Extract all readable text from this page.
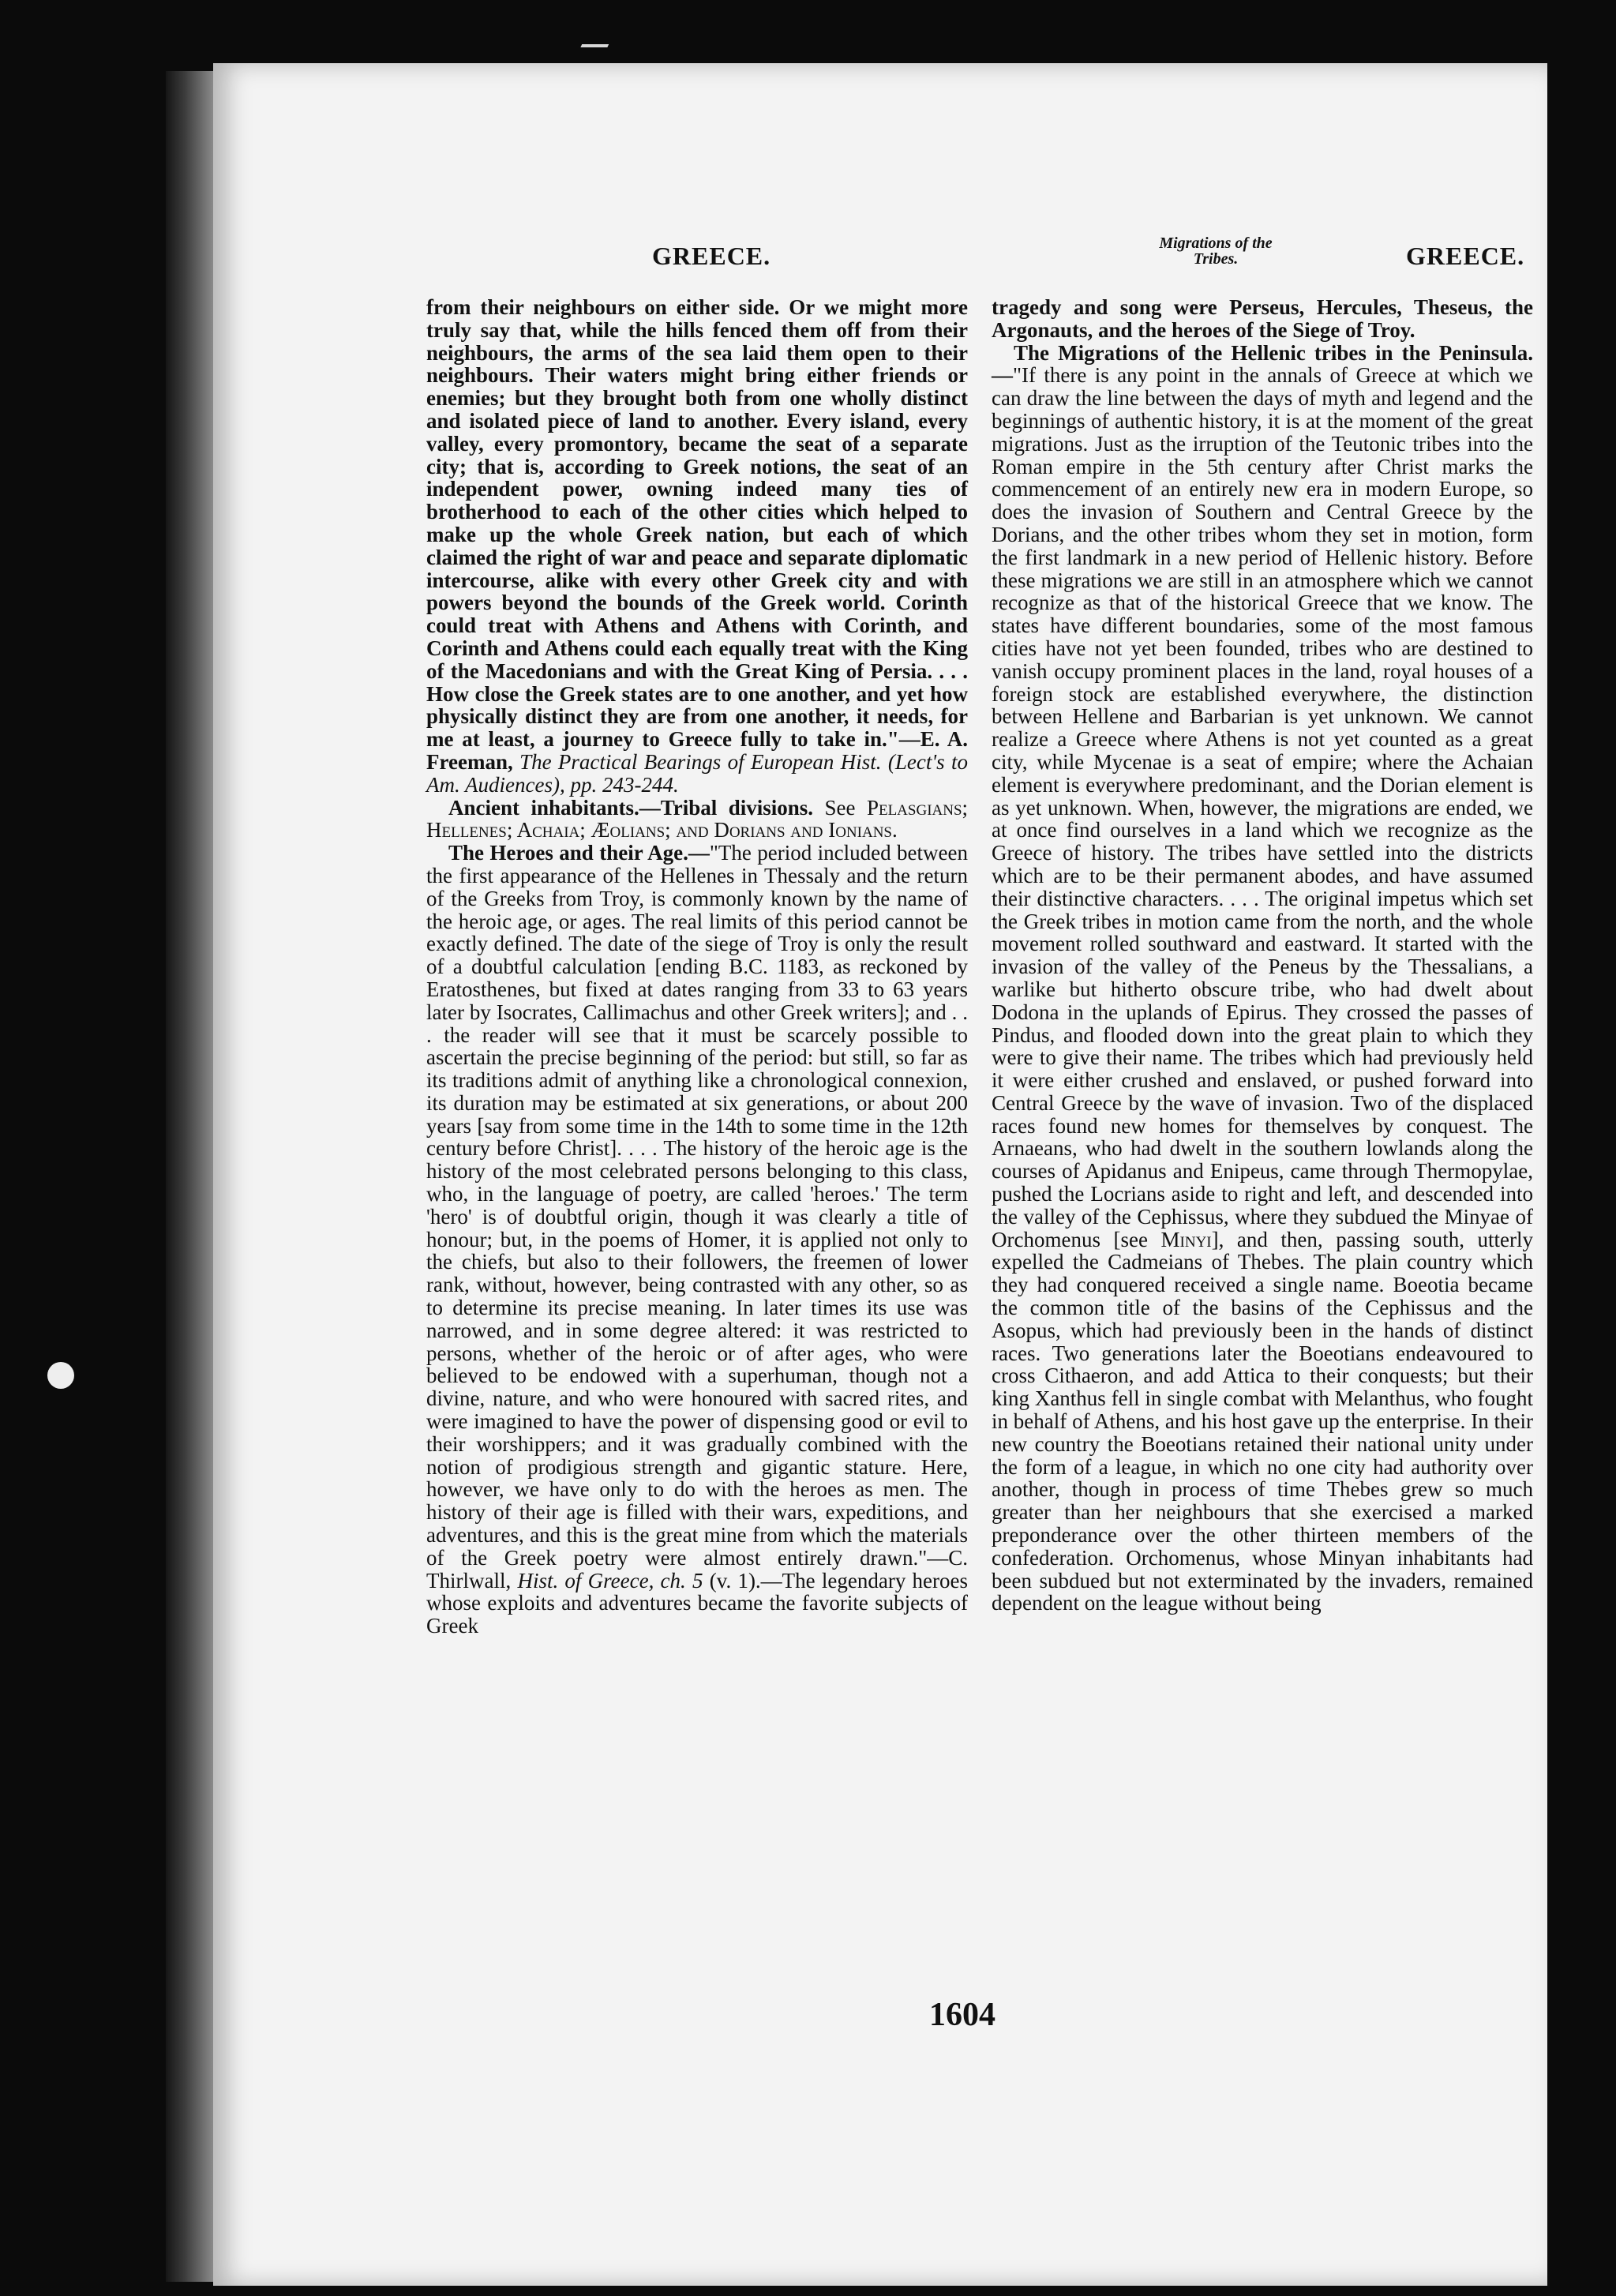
GREECE.	Migrations of the
Tribes.	GREECE.

from their neighbours on either side. Or we might more truly say that, while the hills fenced them off from their neighbours, the arms of the sea laid them open to their neighbours. Their waters might bring either friends or enemies; but they brought both from one wholly distinct and isolated piece of land to another. Every island, every valley, every promontory, became the seat of a separate city; that is, according to Greek notions, the seat of an independent power, owning indeed many ties of brotherhood to each of the other cities which helped to make up the whole Greek nation, but each of which claimed the right of war and peace and separate diplomatic intercourse, alike with every other Greek city and with powers beyond the bounds of the Greek world. Corinth could treat with Athens and Athens with Corinth, and Corinth and Athens could each equally treat with the King of the Macedonians and with the Great King of Persia. . . . How close the Greek states are to one another, and yet how physically distinct they are from one another, it needs, for me at least, a journey to Greece fully to take in."—E. A. Freeman, The Practical Bearings of European Hist. (Lect's to Am. Audiences), pp. 243-244.

Ancient inhabitants.—Tribal divisions. See Pelasgians; Hellenes; Achaia; Æolians; and Dorians and Ionians.

The Heroes and their Age.—"The period included between the first appearance of the Hellenes in Thessaly and the return of the Greeks from Troy, is commonly known by the name of the heroic age, or ages. The real limits of this period cannot be exactly defined. The date of the siege of Troy is only the result of a doubtful calculation [ending B.C. 1183, as reckoned by Eratosthenes, but fixed at dates ranging from 33 to 63 years later by Isocrates, Callimachus and other Greek writers]; and . . . the reader will see that it must be scarcely possible to ascertain the precise beginning of the period: but still, so far as its traditions admit of anything like a chronological connexion, its duration may be estimated at six generations, or about 200 years [say from some time in the 14th to some time in the 12th century before Christ]. . . . The history of the heroic age is the history of the most celebrated persons belonging to this class, who, in the language of poetry, are called 'heroes.' The term 'hero' is of doubtful origin, though it was clearly a title of honour; but, in the poems of Homer, it is applied not only to the chiefs, but also to their followers, the freemen of lower rank, without, however, being contrasted with any other, so as to determine its precise meaning. In later times its use was narrowed, and in some degree altered: it was restricted to persons, whether of the heroic or of after ages, who were believed to be endowed with a superhuman, though not a divine, nature, and who were honoured with sacred rites, and were imagined to have the power of dispensing good or evil to their worshippers; and it was gradually combined with the notion of prodigious strength and gigantic stature. Here, however, we have only to do with the heroes as men. The history of their age is filled with their wars, expeditions, and adventures, and this is the great mine from which the materials of the Greek poetry were almost entirely drawn."—C. Thirlwall, Hist. of Greece, ch. 5 (v. 1).—The legendary heroes whose exploits and adventures became the favorite subjects of Greek

tragedy and song were Perseus, Hercules, Theseus, the Argonauts, and the heroes of the Siege of Troy.

The Migrations of the Hellenic tribes in the Peninsula.—"If there is any point in the annals of Greece at which we can draw the line between the days of myth and legend and the beginnings of authentic history, it is at the moment of the great migrations. Just as the irruption of the Teutonic tribes into the Roman empire in the 5th century after Christ marks the commencement of an entirely new era in modern Europe, so does the invasion of Southern and Central Greece by the Dorians, and the other tribes whom they set in motion, form the first landmark in a new period of Hellenic history. Before these migrations we are still in an atmosphere which we cannot recognize as that of the historical Greece that we know. The states have different boundaries, some of the most famous cities have not yet been founded, tribes who are destined to vanish occupy prominent places in the land, royal houses of a foreign stock are established everywhere, the distinction between Hellene and Barbarian is yet unknown. We cannot realize a Greece where Athens is not yet counted as a great city, while Mycenae is a seat of empire; where the Achaian element is everywhere predominant, and the Dorian element is as yet unknown. When, however, the migrations are ended, we at once find ourselves in a land which we recognize as the Greece of history. The tribes have settled into the districts which are to be their permanent abodes, and have assumed their distinctive characters. . . . The original impetus which set the Greek tribes in motion came from the north, and the whole movement rolled southward and eastward. It started with the invasion of the valley of the Peneus by the Thessalians, a warlike but hitherto obscure tribe, who had dwelt about Dodona in the uplands of Epirus. They crossed the passes of Pindus, and flooded down into the great plain to which they were to give their name. The tribes which had previously held it were either crushed and enslaved, or pushed forward into Central Greece by the wave of invasion. Two of the displaced races found new homes for themselves by conquest. The Arnaeans, who had dwelt in the southern lowlands along the courses of Apidanus and Enipeus, came through Thermopylae, pushed the Locrians aside to right and left, and descended into the valley of the Cephissus, where they subdued the Minyae of Orchomenus [see Minyi], and then, passing south, utterly expelled the Cadmeians of Thebes. The plain country which they had conquered received a single name. Boeotia became the common title of the basins of the Cephissus and the Asopus, which had previously been in the hands of distinct races. Two generations later the Boeotians endeavoured to cross Cithaeron, and add Attica to their conquests; but their king Xanthus fell in single combat with Melanthus, who fought in behalf of Athens, and his host gave up the enterprise. In their new country the Boeotians retained their national unity under the form of a league, in which no one city had authority over another, though in process of time Thebes grew so much greater than her neighbours that she exercised a marked preponderance over the other thirteen members of the confederation. Orchomenus, whose Minyan inhabitants had been subdued but not exterminated by the invaders, remained dependent on the league without being

1604
